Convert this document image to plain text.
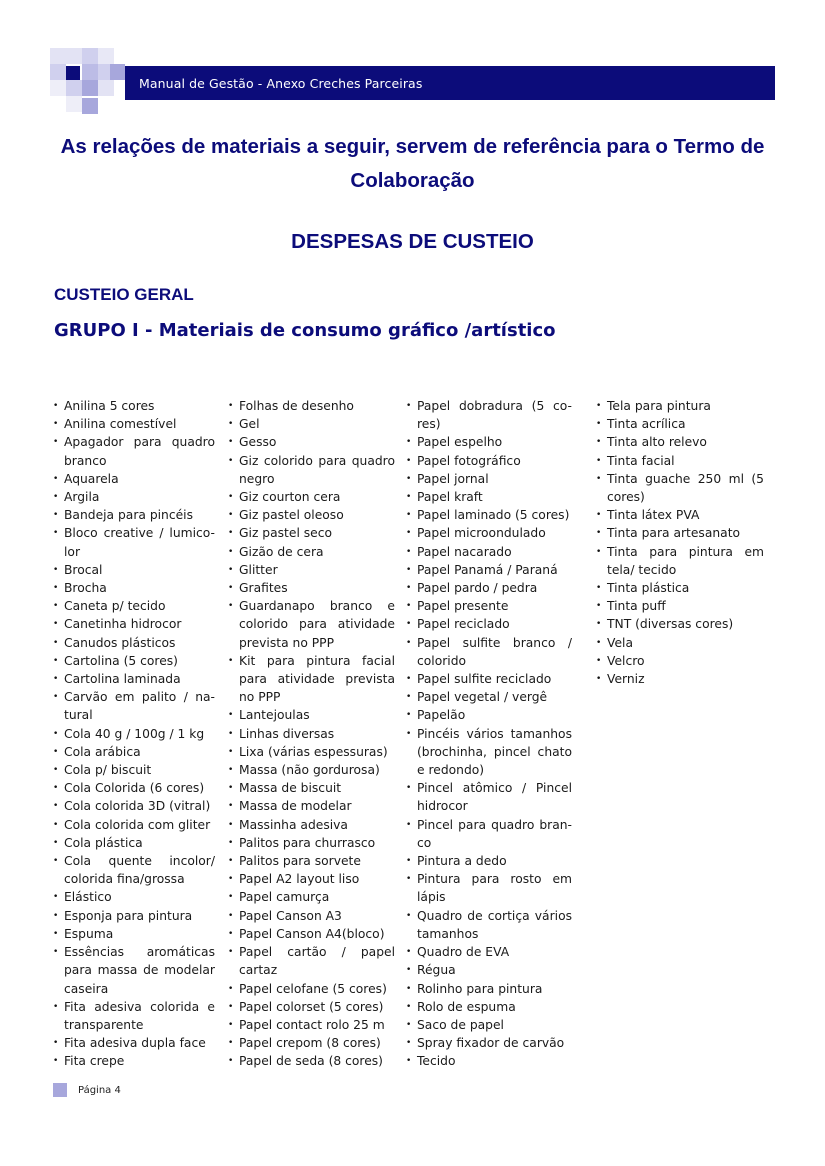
Manual de Gestão - Anexo Creches Parceiras
As relações de materiais a seguir, servem de referência para o Termo de Colaboração
DESPESAS DE CUSTEIO
CUSTEIO GERAL
GRUPO I - Materiais de consumo gráfico /artístico
• Anilina 5 cores
• Anilina comestível
• Apagador para quadro branco
• Aquarela
• Argila
• Bandeja para pincéis
• Bloco creative / lumico-lor
• Brocal
• Brocha
• Caneta p/ tecido
• Canetinha hidrocor
• Canudos plásticos
• Cartolina (5 cores)
• Cartolina laminada
• Carvão em palito / na-tural
• Cola 40 g / 100g / 1 kg
• Cola arábica
• Cola p/ biscuit
• Cola Colorida (6 cores)
• Cola colorida 3D (vitral)
• Cola colorida com gliter
• Cola plástica
• Cola quente incolor/ colorida fina/grossa
• Elástico
• Esponja para pintura
• Espuma
• Essências aromáticas para massa de modelar caseira
• Fita adesiva colorida e transparente
• Fita adesiva dupla face
• Fita crepe
• Folhas de desenho
• Gel
• Gesso
• Giz colorido para quadro negro
• Giz courton cera
• Giz pastel oleoso
• Giz pastel seco
• Gizão de cera
• Glitter
• Grafites
• Guardanapo branco e colorido para atividade prevista no PPP
• Kit para pintura facial para atividade prevista no PPP
• Lantejoulas
• Linhas diversas
• Lixa (várias espessuras)
• Massa (não gordurosa)
• Massa de biscuit
• Massa de modelar
• Massinha adesiva
• Palitos para churrasco
• Palitos para sorvete
• Papel A2 layout liso
• Papel camurça
• Papel Canson A3
• Papel Canson A4(bloco)
• Papel cartão / papel cartaz
• Papel celofane (5 cores)
• Papel colorset (5 cores)
• Papel contact rolo 25 m
• Papel crepom (8 cores)
• Papel de seda (8 cores)
• Papel dobradura (5 co-res)
• Papel espelho
• Papel fotográfico
• Papel jornal
• Papel kraft
• Papel laminado (5 cores)
• Papel microondulado
• Papel nacarado
• Papel Panamá / Paraná
• Papel pardo / pedra
• Papel presente
• Papel reciclado
• Papel sulfite branco / colorido
• Papel sulfite reciclado
• Papel vegetal / vergê
• Papelão
• Pincéis vários tamanhos (brochinha, pincel chato e redondo)
• Pincel atômico / Pincel hidrocor
• Pincel para quadro bran-co
• Pintura a dedo
• Pintura para rosto em lápis
• Quadro de cortiça vários tamanhos
• Quadro de EVA
• Régua
• Rolinho para pintura
• Rolo de espuma
• Saco de papel
• Spray fixador de carvão
• Tecido
• Tela para pintura
• Tinta acrílica
• Tinta alto relevo
• Tinta facial
• Tinta guache 250 ml (5 cores)
• Tinta látex PVA
• Tinta para artesanato
• Tinta para pintura em tela/ tecido
• Tinta plástica
• Tinta puff
• TNT (diversas cores)
• Vela
• Velcro
• Verniz
Página 4
